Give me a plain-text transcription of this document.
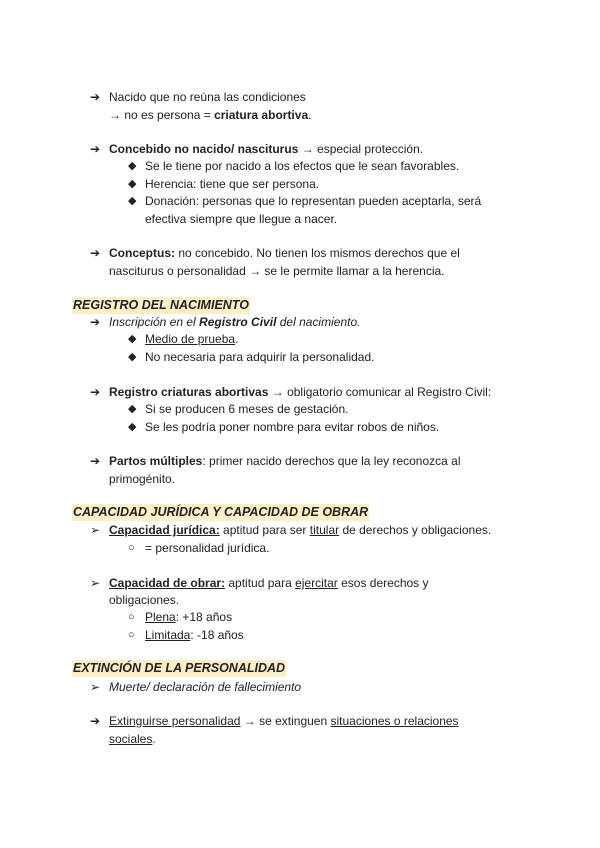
➔ Nacido que no reúna las condiciones
→ no es persona = criatura abortiva.
➔ Concebido no nacido/ nasciturus → especial protección.
◆ Se le tiene por nacido a los efectos que le sean favorables.
◆ Herencia: tiene que ser persona.
◆ Donación: personas que lo representan pueden aceptarla, será
efectiva siempre que llegue a nacer.
➔ Conceptus: no concebido. No tienen los mismos derechos que el
nasciturus o personalidad → se le permite llamar a la herencia.
REGISTRO DEL NACIMIENTO
➔ Inscripción en el Registro Civil del nacimiento.
◆ Medio de prueba.
◆ No necesaria para adquirir la personalidad.
➔ Registro criaturas abortivas → obligatorio comunicar al Registro Civil:
◆ Si se producen 6 meses de gestación.
◆ Se les podría poner nombre para evitar robos de niños.
➔ Partos múltiples: primer nacido derechos que la ley reconozca al
primogénito.
CAPACIDAD JURÍDICA Y CAPACIDAD DE OBRAR
➢ Capacidad jurídica: aptitud para ser titular de derechos y obligaciones.
○ = personalidad jurídica.
➢ Capacidad de obrar: aptitud para ejercitar esos derechos y
obligaciones.
○ Plena: +18 años
○ Limitada: -18 años
EXTINCIÓN DE LA PERSONALIDAD
➢ Muerte/ declaración de fallecimiento
➔ Extinguirse personalidad → se extinguen situaciones o relaciones
sociales.
